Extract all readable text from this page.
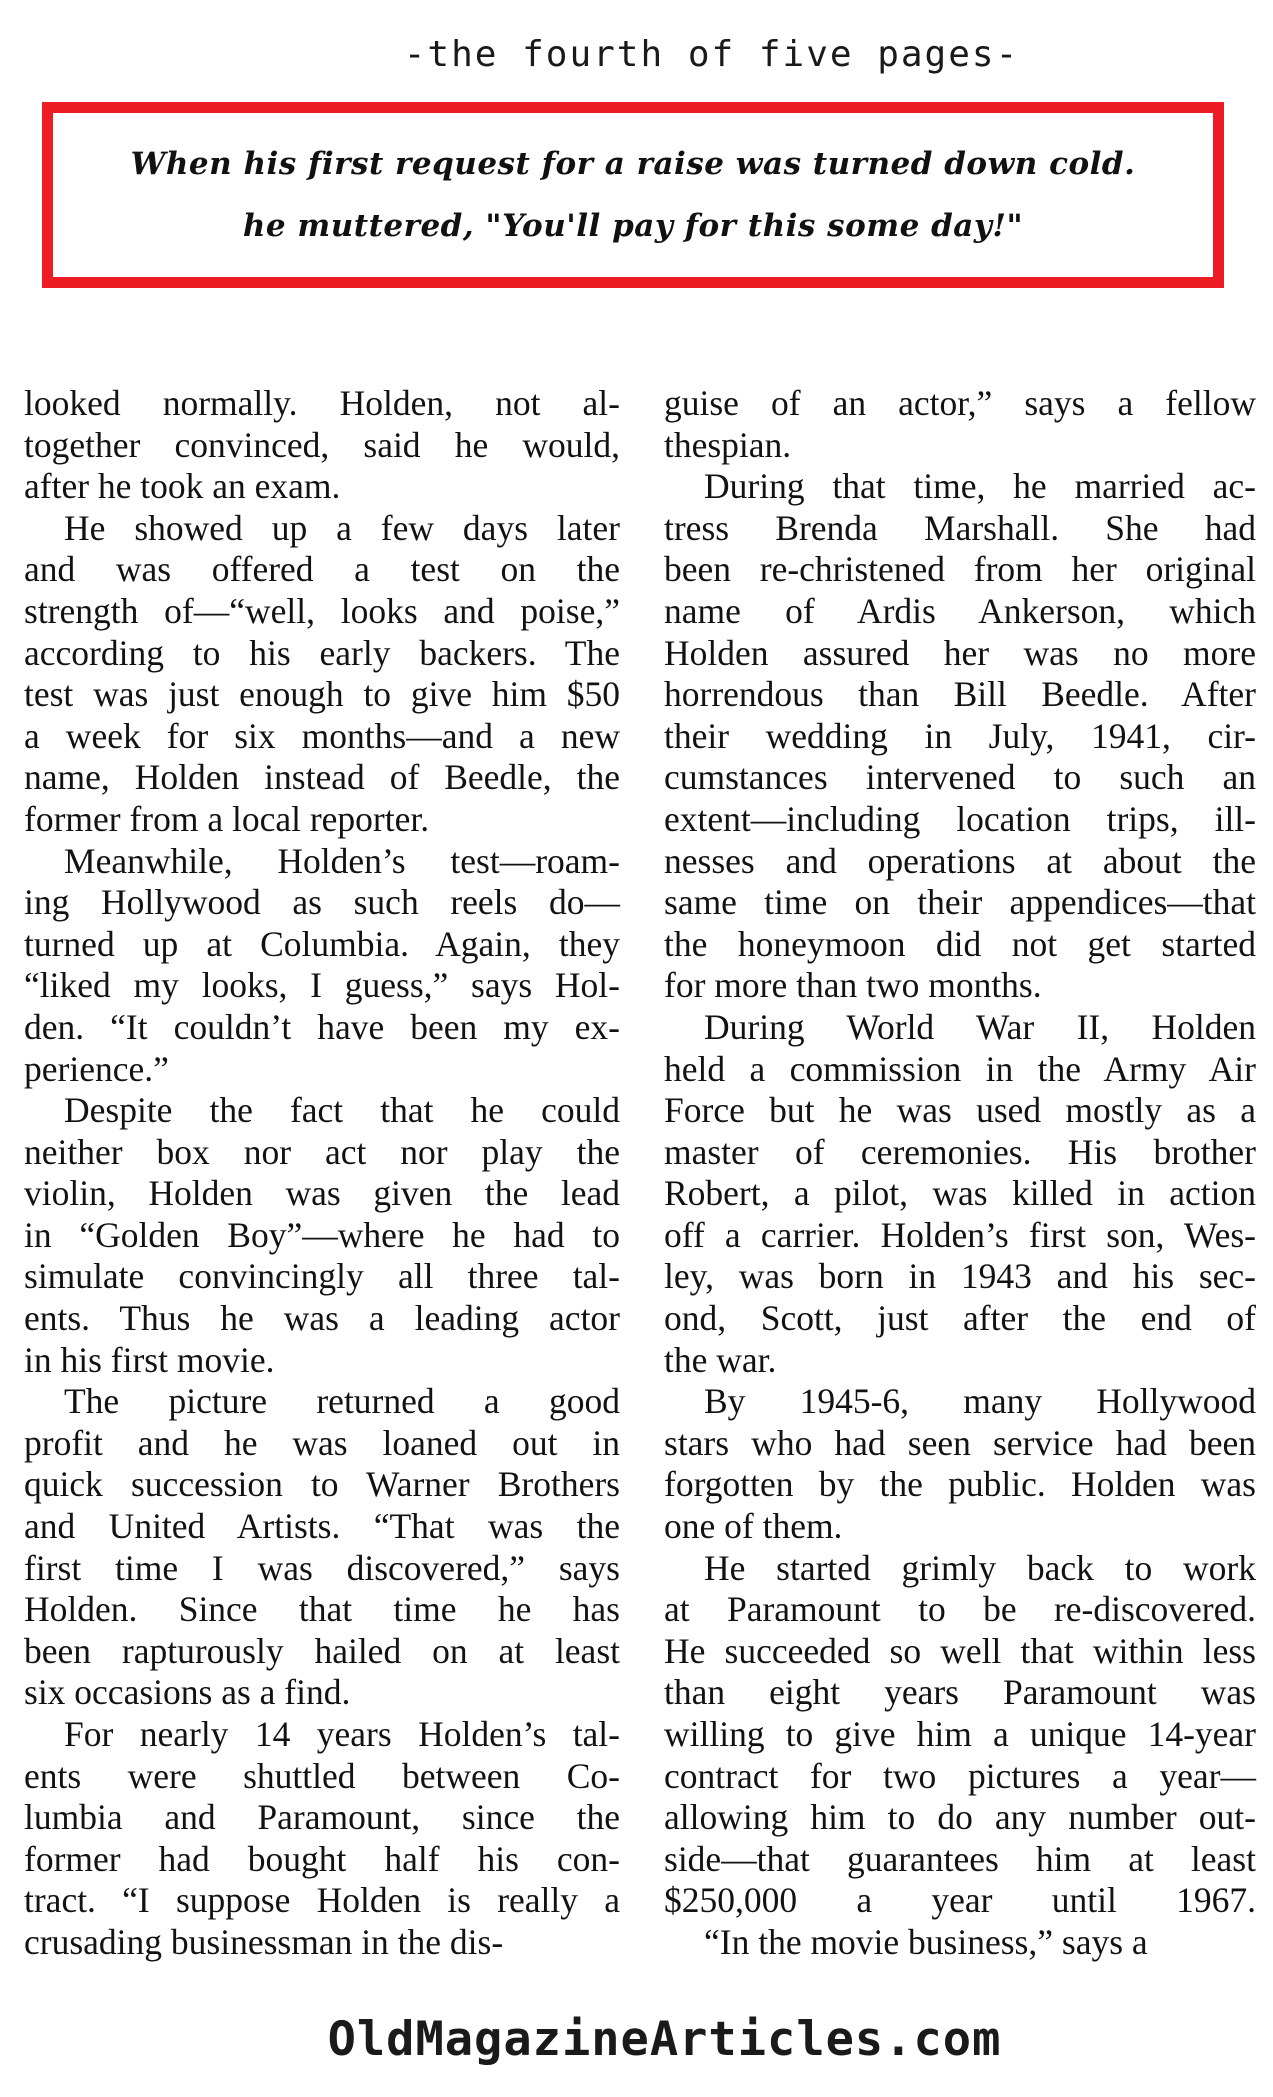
-the fourth of five pages-
When his first request for a raise was turned down cold.
he muttered, "You'll pay for this some day!"
looked normally. Holden, not al-
together convinced, said he would,
after he took an exam.
He showed up a few days later
and was offered a test on the
strength of—“well, looks and poise,”
according to his early backers. The
test was just enough to give him $50
a week for six months—and a new
name, Holden instead of Beedle, the
former from a local reporter.
Meanwhile, Holden’s test—roam-
ing Hollywood as such reels do—
turned up at Columbia. Again, they
“liked my looks, I guess,” says Hol-
den. “It couldn’t have been my ex-
perience.”
Despite the fact that he could
neither box nor act nor play the
violin, Holden was given the lead
in “Golden Boy”—where he had to
simulate convincingly all three tal-
ents. Thus he was a leading actor
in his first movie.
The picture returned a good
profit and he was loaned out in
quick succession to Warner Brothers
and United Artists. “That was the
first time I was discovered,” says
Holden. Since that time he has
been rapturously hailed on at least
six occasions as a find.
For nearly 14 years Holden’s tal-
ents were shuttled between Co-
lumbia and Paramount, since the
former had bought half his con-
tract. “I suppose Holden is really a
crusading businessman in the dis-
guise of an actor,” says a fellow
thespian.
During that time, he married ac-
tress Brenda Marshall. She had
been re-christened from her original
name of Ardis Ankerson, which
Holden assured her was no more
horrendous than Bill Beedle. After
their wedding in July, 1941, cir-
cumstances intervened to such an
extent—including location trips, ill-
nesses and operations at about the
same time on their appendices—that
the honeymoon did not get started
for more than two months.
During World War II, Holden
held a commission in the Army Air
Force but he was used mostly as a
master of ceremonies. His brother
Robert, a pilot, was killed in action
off a carrier. Holden’s first son, Wes-
ley, was born in 1943 and his sec-
ond, Scott, just after the end of
the war.
By 1945-6, many Hollywood
stars who had seen service had been
forgotten by the public. Holden was
one of them.
He started grimly back to work
at Paramount to be re-discovered.
He succeeded so well that within less
than eight years Paramount was
willing to give him a unique 14-year
contract for two pictures a year—
allowing him to do any number out-
side—that guarantees him at least
$250,000 a year until 1967.
“In the movie business,” says a
OldMagazineArticles.com
